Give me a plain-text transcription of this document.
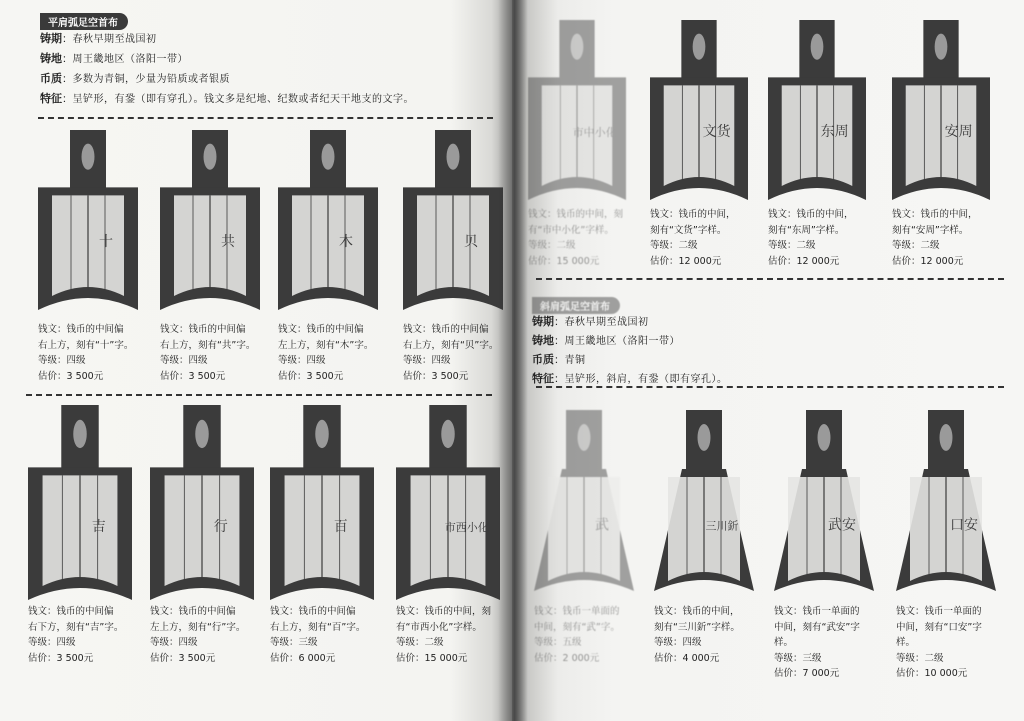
平肩弧足空首布
铸期：春秋早期至战国初
铸地：周王畿地区（洛阳一带）
币质：多数为青铜，少量为铅质或者银质
特征：呈铲形，有銎（即有穿孔）。钱文多是纪地、纪数或者纪天干地支的文字。
十
钱文：钱币的中间偏
右上方，刻有“十”字。
等级：四级
估价：3 500元
共
钱文：钱币的中间偏
右上方，刻有“共”字。
等级：四级
估价：3 500元
木
钱文：钱币的中间偏
左上方，刻有“木”字。
等级：四级
估价：3 500元
贝
钱文：钱币的中间偏
右上方，刻有“贝”字。
等级：四级
估价：3 500元
吉
钱文：钱币的中间偏
右下方，刻有“吉”字。
等级：四级
估价：3 500元
行
钱文：钱币的中间偏
左上方，刻有“行”字。
等级：四级
估价：3 500元
百
钱文：钱币的中间偏
右上方，刻有“百”字。
等级：三级
估价：6 000元
市西小化
钱文：钱币的中间，刻
有“市西小化”字样。
等级：二级
估价：15 000元
斜肩弧足空首布
铸期：春秋早期至战国初
铸地：周王畿地区（洛阳一带）
币质：青铜
特征：呈铲形，斜肩，有銎（即有穿孔）。
市中小化
钱文：钱币的中间，刻
有“市中小化”字样。
等级：二级
估价：15 000元
文货
钱文：钱币的中间，
刻有“文货”字样。
等级：二级
估价：12 000元
东周
钱文：钱币的中间，
刻有“东周”字样。
等级：二级
估价：12 000元
安周
钱文：钱币的中间，
刻有“安周”字样。
等级：二级
估价：12 000元
武
钱文：钱币一单面的
中间，刻有“武”字。
等级：五级
估价：2 000元
三川釿
钱文：钱币的中间，
刻有“三川釿”字样。
等级：四级
估价：4 000元
武安
钱文：钱币一单面的
中间，刻有“武安”字
样。
等级：三级
估价：7 000元
口安
钱文：钱币一单面的
中间，刻有“口安”字
样。
等级：二级
估价：10 000元
